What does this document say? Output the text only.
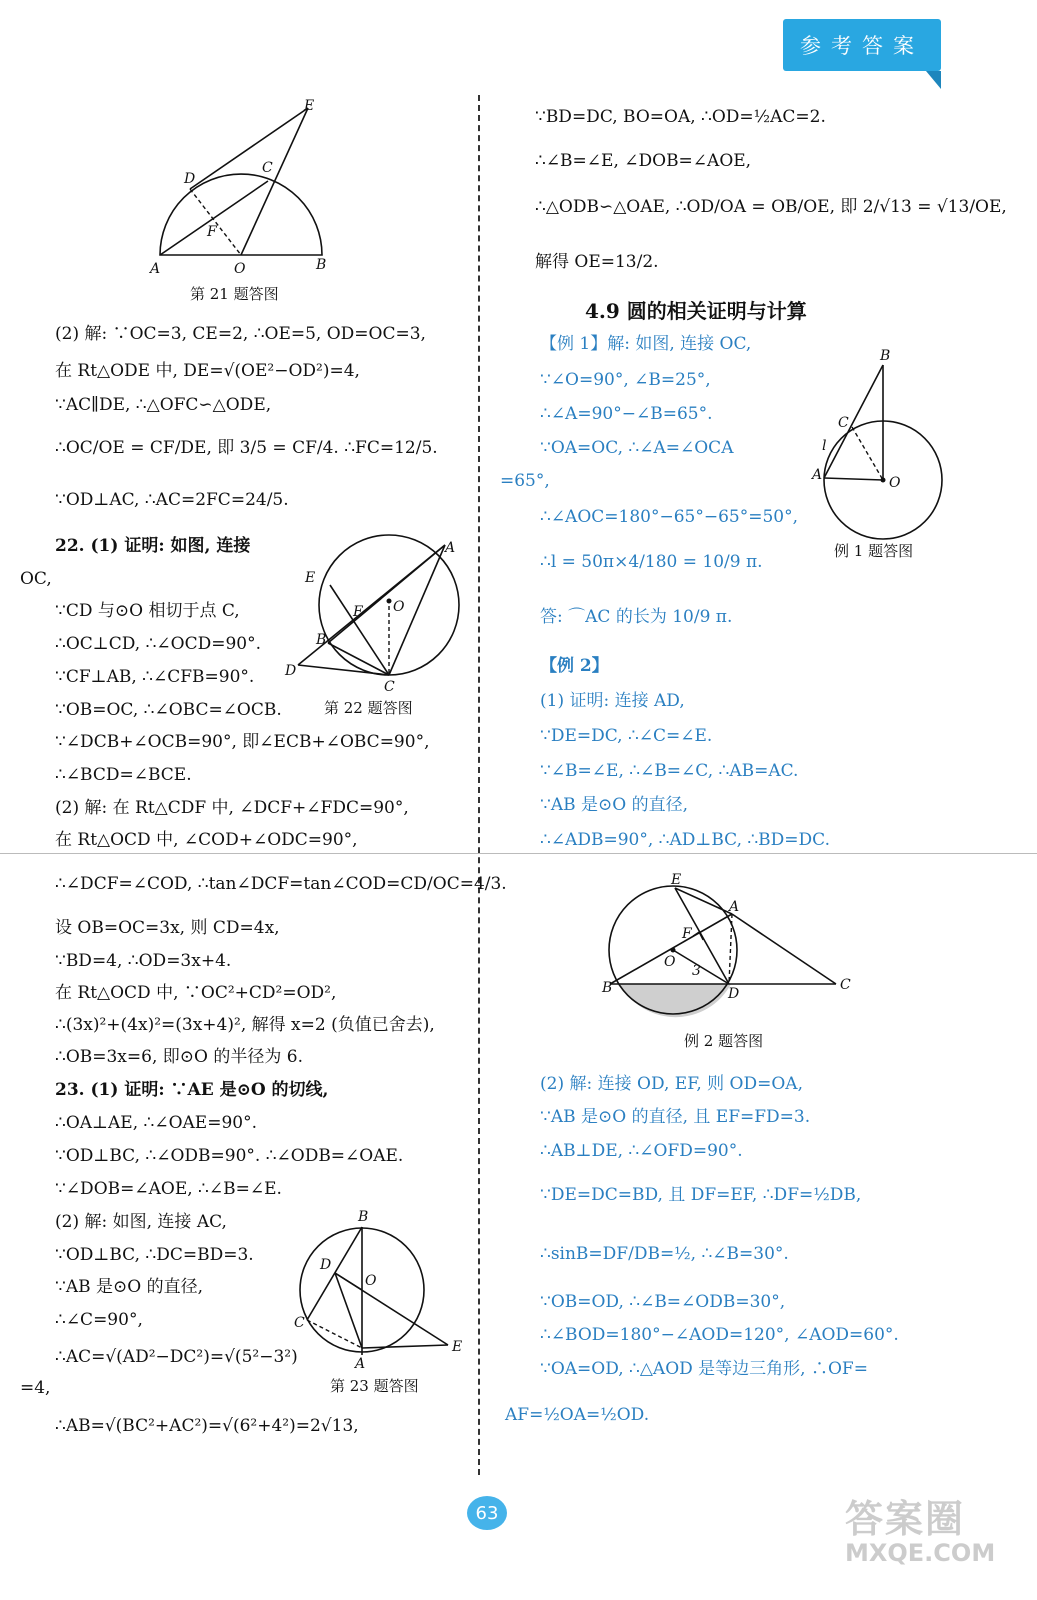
参考答案
E
D
C
F
A	O	B
第 21 题答图
A
E
F O
B
D
C
第 22 题答图
B
D
O
C
A
E
第 23 题答图
B
C
l
A	O
例 1 题答图
E
A
F
O
3
B	D
C
例 2 题答图
(2) 解: ∵OC=3, CE=2, ∴OE=5, OD=OC=3,
在 Rt△ODE 中, DE=√(OE²−OD²)=4,
∵AC∥DE, ∴△OFC∽△ODE,
∴OC/OE = CF/DE, 即 3/5 = CF/4. ∴FC=12/5.
∵OD⊥AC, ∴AC=2FC=24/5.
22. (1) 证明: 如图, 连接
OC,
∵CD 与⊙O 相切于点 C,
∴OC⊥CD, ∴∠OCD=90°.
∵CF⊥AB, ∴∠CFB=90°.
∵OB=OC, ∴∠OBC=∠OCB.
∵∠DCB+∠OCB=90°, 即∠ECB+∠OBC=90°,
∴∠BCD=∠BCE.
(2) 解: 在 Rt△CDF 中, ∠DCF+∠FDC=90°,
在 Rt△OCD 中, ∠COD+∠ODC=90°,
∴∠DCF=∠COD, ∴tan∠DCF=tan∠COD=CD/OC=4/3.
设 OB=OC=3x, 则 CD=4x,
∵BD=4, ∴OD=3x+4.
在 Rt△OCD 中, ∵OC²+CD²=OD²,
∴(3x)²+(4x)²=(3x+4)², 解得 x=2 (负值已舍去),
∴OB=3x=6, 即⊙O 的半径为 6.
23. (1) 证明: ∵AE 是⊙O 的切线,
∴OA⊥AE, ∴∠OAE=90°.
∵OD⊥BC, ∴∠ODB=90°. ∴∠ODB=∠OAE.
∵∠DOB=∠AOE, ∴∠B=∠E.
(2) 解: 如图, 连接 AC,
∵OD⊥BC, ∴DC=BD=3.
∵AB 是⊙O 的直径,
∴∠C=90°,
∴AC=√(AD²−DC²)=√(5²−3²)
=4,
∴AB=√(BC²+AC²)=√(6²+4²)=2√13,
∵BD=DC, BO=OA, ∴OD=½AC=2.
∴∠B=∠E, ∠DOB=∠AOE,
∴△ODB∽△OAE, ∴OD/OA = OB/OE, 即 2/√13 = √13/OE,
解得 OE=13/2.
4.9 圆的相关证明与计算
【例 1】解: 如图, 连接 OC,
∵∠O=90°, ∠B=25°,
∴∠A=90°−∠B=65°.
∵OA=OC, ∴∠A=∠OCA
=65°,
∴∠AOC=180°−65°−65°=50°,
∴l = 50π×4/180 = 10/9 π.
答: ⌒AC 的长为 10/9 π.
【例 2】
(1) 证明: 连接 AD,
∵DE=DC, ∴∠C=∠E.
∵∠B=∠E, ∴∠B=∠C, ∴AB=AC.
∵AB 是⊙O 的直径,
∴∠ADB=90°, ∴AD⊥BC, ∴BD=DC.
(2) 解: 连接 OD, EF, 则 OD=OA,
∵AB 是⊙O 的直径, 且 EF=FD=3.
∴AB⊥DE, ∴∠OFD=90°.
∵DE=DC=BD, 且 DF=EF, ∴DF=½DB,
∴sinB=DF/DB=½, ∴∠B=30°.
∵OB=OD, ∴∠B=∠ODB=30°,
∴∠BOD=180°−∠AOD=120°, ∠AOD=60°.
∵OA=OD, ∴△AOD 是等边三角形, ∴OF=
AF=½OA=½OD.
63	答案圈
MXQE.COM
